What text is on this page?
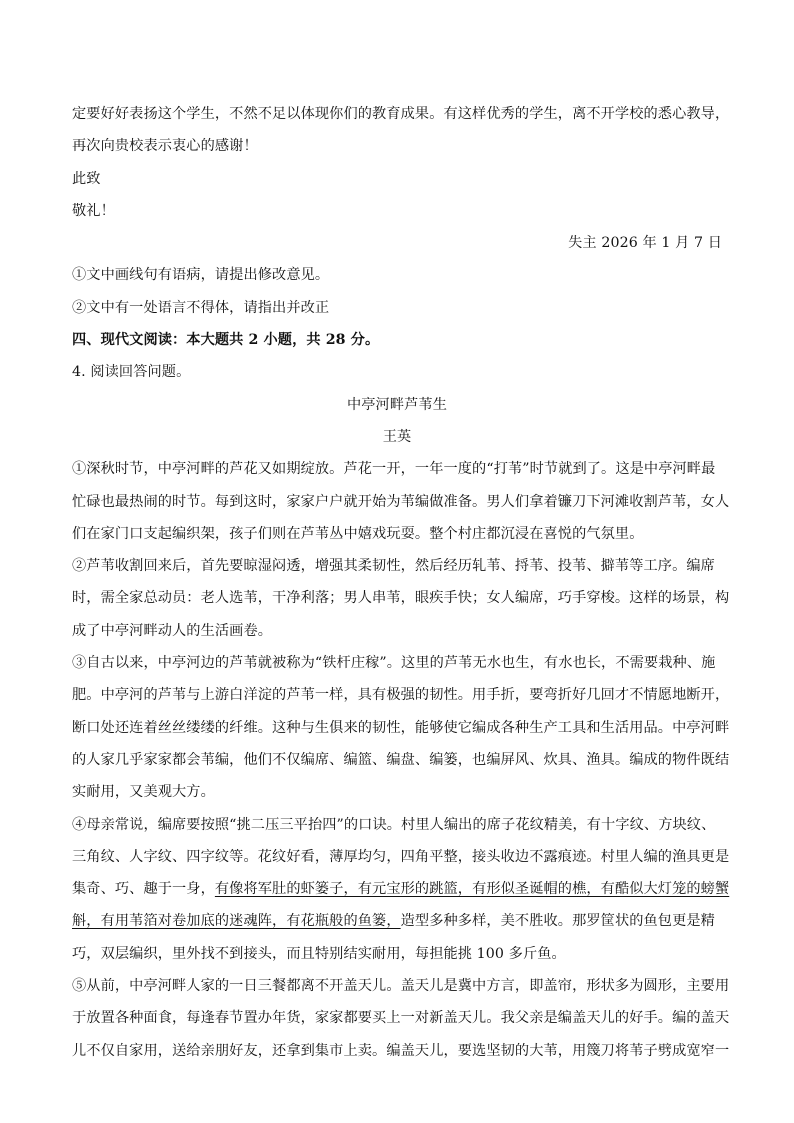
定要好好表扬这个学生，不然不足以体现你们的教育成果。有这样优秀的学生，离不开学校的悉心教导，
再次向贵校表示衷心的感谢！
此致
敬礼！
失主 2026 年 1 月 7 日
①文中画线句有语病，请提出修改意见。
②文中有一处语言不得体，请指出并改正
四、现代文阅读：本大题共 2 小题，共 28 分。
4. 阅读回答问题。
中亭河畔芦苇生
王英
①深秋时节，中亭河畔的芦花又如期绽放。芦花一开，一年一度的“打苇”时节就到了。这是中亭河畔最
忙碌也最热闹的时节。每到这时，家家户户就开始为苇编做准备。男人们拿着镰刀下河滩收割芦苇，女人
们在家门口支起编织架，孩子们则在芦苇丛中嬉戏玩耍。整个村庄都沉浸在喜悦的气氛里。
②芦苇收割回来后，首先要晾湿闷透，增强其柔韧性，然后经历轧苇、捋苇、投苇、擗苇等工序。编席
时，需全家总动员：老人选苇，干净利落；男人串苇，眼疾手快；女人编席，巧手穿梭。这样的场景，构
成了中亭河畔动人的生活画卷。
③自古以来，中亭河边的芦苇就被称为“铁杆庄稼”。这里的芦苇无水也生，有水也长，不需要栽种、施
肥。中亭河的芦苇与上游白洋淀的芦苇一样，具有极强的韧性。用手折，要弯折好几回才不情愿地断开，
断口处还连着丝丝缕缕的纤维。这种与生俱来的韧性，能够使它编成各种生产工具和生活用品。中亭河畔
的人家几乎家家都会苇编，他们不仅编席、编篮、编盘、编篓，也编屏风、炊具、渔具。编成的物件既结
实耐用，又美观大方。
④母亲常说，编席要按照“挑二压三平抬四”的口诀。村里人编出的席子花纹精美，有十字纹、方块纹、
三角纹、人字纹、四字纹等。花纹好看，薄厚均匀，四角平整，接头收边不露痕迹。村里人编的渔具更是
集奇、巧、趣于一身，有像将军肚的虾篓子，有元宝形的跳篮，有形似圣诞帽的樵，有酷似大灯笼的螃蟹
斛，有用苇箔对卷加底的迷魂阵，有花瓶般的鱼篓，造型多种多样，美不胜收。那罗筐状的鱼包更是精
巧，双层编织，里外找不到接头，而且特别结实耐用，每担能挑 100 多斤鱼。
⑤从前，中亭河畔人家的一日三餐都离不开盖天儿。盖天儿是冀中方言，即盖帘，形状多为圆形，主要用
于放置各种面食，每逢春节置办年货，家家都要买上一对新盖天儿。我父亲是编盖天儿的好手。编的盖天
儿不仅自家用，送给亲朋好友，还拿到集市上卖。编盖天儿，要选坚韧的大苇，用篾刀将苇子劈成宽窄一
